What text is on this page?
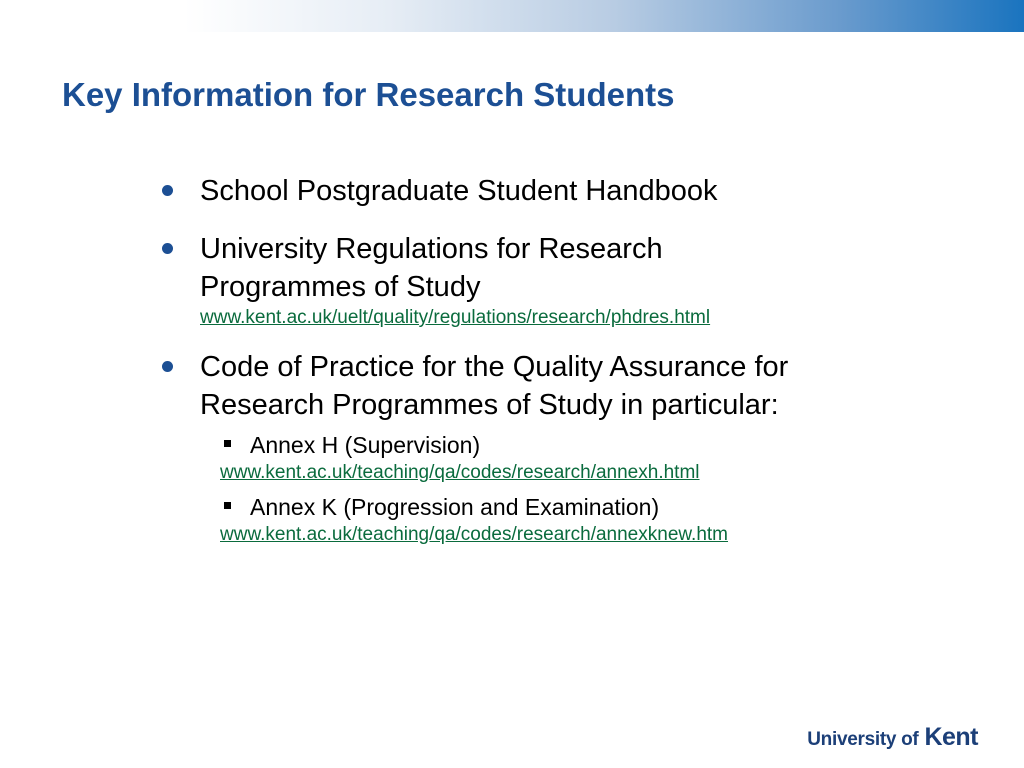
Key Information for Research Students
School Postgraduate Student Handbook
University Regulations for Research Programmes of Study
www.kent.ac.uk/uelt/quality/regulations/research/phdres.html
Code of Practice for the Quality Assurance for Research Programmes of Study in particular:
Annex H (Supervision)
www.kent.ac.uk/teaching/qa/codes/research/annexh.html
Annex K (Progression and Examination)
www.kent.ac.uk/teaching/qa/codes/research/annexknew.htm
University of Kent
